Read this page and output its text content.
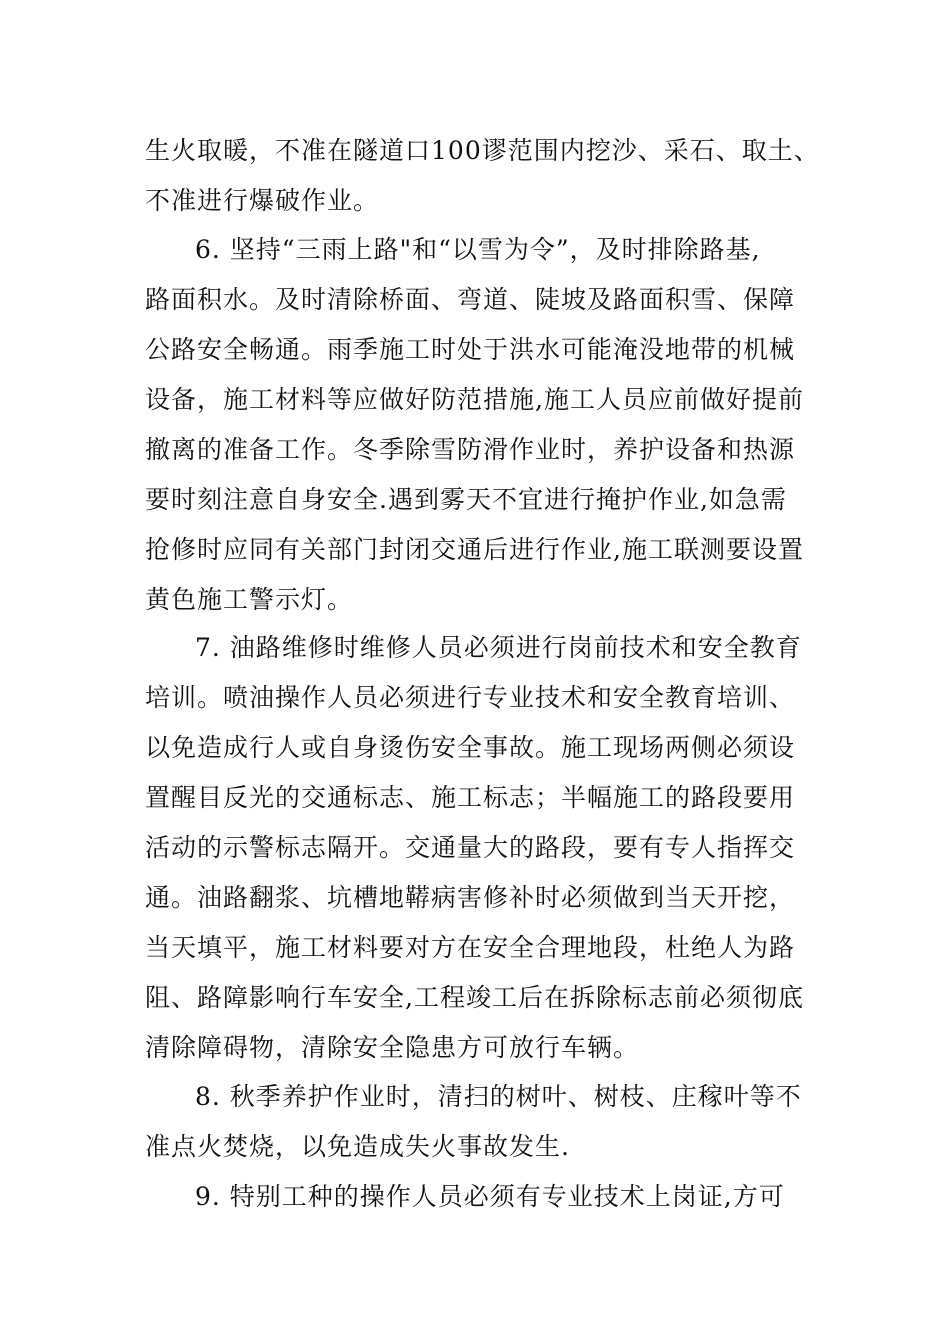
生火取暖，不准在隧道口100谬范围内挖沙、采石、取土、
不准进行爆破作业。
6. 坚持“三雨上路"和“以雪为令”，及时排除路基,
路面积水。及时清除桥面、弯道、陡坡及路面积雪、保障
公路安全畅通。雨季施工时处于洪水可能淹没地带的机械
设备，施工材料等应做好防范措施,施工人员应前做好提前
撤离的准备工作。冬季除雪防滑作业时，养护设备和热源
要时刻注意自身安全.遇到雾天不宜进行掩护作业,如急需
抢修时应同有关部门封闭交通后进行作业,施工联测要设置
黄色施工警示灯。
7. 油路维修时维修人员必须进行岗前技术和安全教育
培训。喷油操作人员必须进行专业技术和安全教育培训、
以免造成行人或自身烫伤安全事故。施工现场两侧必须设
置醒目反光的交通标志、施工标志；半幅施工的路段要用
活动的示警标志隔开。交通量大的路段，要有专人指挥交
通。油路翻浆、坑槽地鞯病害修补时必须做到当天开挖，
当天填平，施工材料要对方在安全合理地段，杜绝人为路
阻、路障影响行车安全,工程竣工后在拆除标志前必须彻底
清除障碍物，清除安全隐患方可放行车辆。
8. 秋季养护作业时，清扫的树叶、树枝、庄稼叶等不
准点火焚烧，以免造成失火事故发生.
9. 特别工种的操作人员必须有专业技术上岗证,方可
